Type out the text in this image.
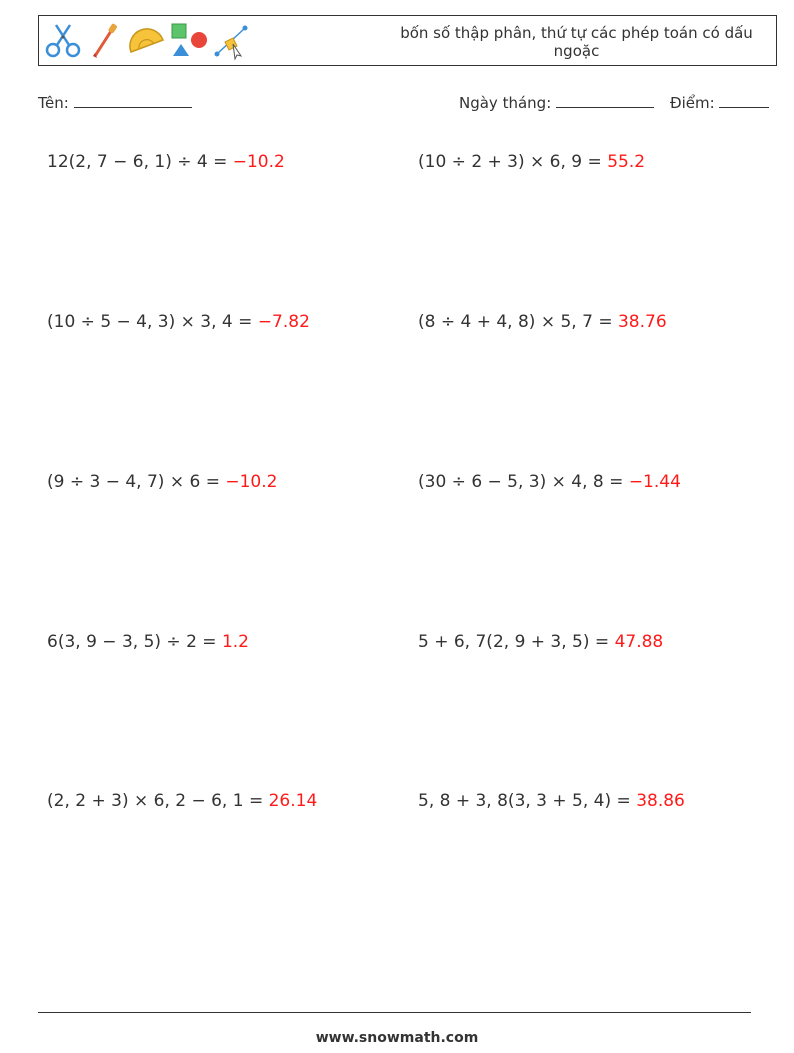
bốn số thập phân, thứ tự các phép toán có dấu ngoặc
Tên:	Ngày tháng:	Điểm:
12(2, 7 − 6, 1) ÷ 4 = −10.2	(10 ÷ 2 + 3) × 6, 9 = 55.2
(10 ÷ 5 − 4, 3) × 3, 4 = −7.82	(8 ÷ 4 + 4, 8) × 5, 7 = 38.76
(9 ÷ 3 − 4, 7) × 6 = −10.2	(30 ÷ 6 − 5, 3) × 4, 8 = −1.44
6(3, 9 − 3, 5) ÷ 2 = 1.2	5 + 6, 7(2, 9 + 3, 5) = 47.88
(2, 2 + 3) × 6, 2 − 6, 1 = 26.14	5, 8 + 3, 8(3, 3 + 5, 4) = 38.86
www.snowmath.com
